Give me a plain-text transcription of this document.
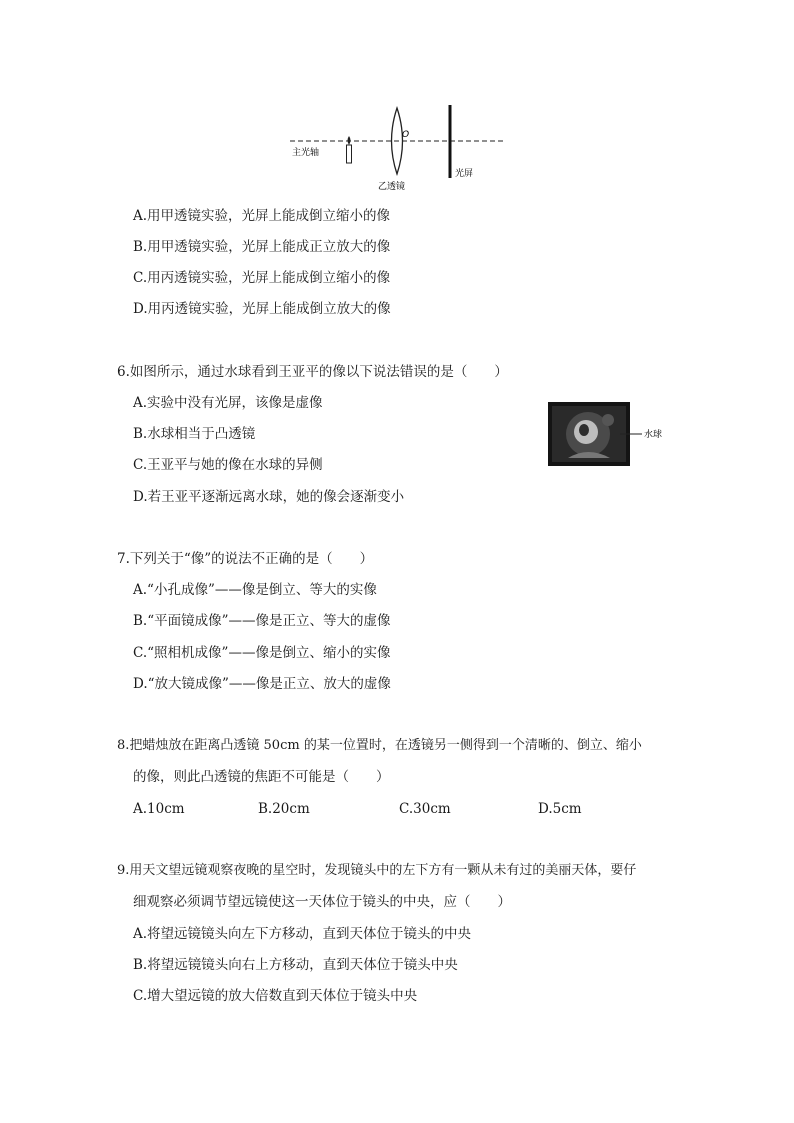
主光轴
O
乙透镜
光屏
A.用甲透镜实验，光屏上能成倒立缩小的像
B.用甲透镜实验，光屏上能成正立放大的像
C.用丙透镜实验，光屏上能成倒立缩小的像
D.用丙透镜实验，光屏上能成倒立放大的像
6.如图所示，通过水球看到王亚平的像以下说法错误的是（　　）
A.实验中没有光屏，该像是虚像
B.水球相当于凸透镜
C.王亚平与她的像在水球的异侧
D.若王亚平逐渐远离水球，她的像会逐渐变小
水球
7.下列关于“像”的说法不正确的是（　　）
A.“小孔成像”——像是倒立、等大的实像
B.“平面镜成像”——像是正立、等大的虚像
C.“照相机成像”——像是倒立、缩小的实像
D.“放大镜成像”——像是正立、放大的虚像
8.把蜡烛放在距离凸透镜 50cm 的某一位置时，在透镜另一侧得到一个清晰的、倒立、缩小
的像，则此凸透镜的焦距不可能是（　　）
A.10cm	B.20cm	C.30cm	D.5cm
9.用天文望远镜观察夜晚的星空时，发现镜头中的左下方有一颗从未有过的美丽天体，要仔
细观察必须调节望远镜使这一天体位于镜头的中央，应（　　）
A.将望远镜镜头向左下方移动，直到天体位于镜头的中央
B.将望远镜镜头向右上方移动，直到天体位于镜头中央
C.增大望远镜的放大倍数直到天体位于镜头中央
